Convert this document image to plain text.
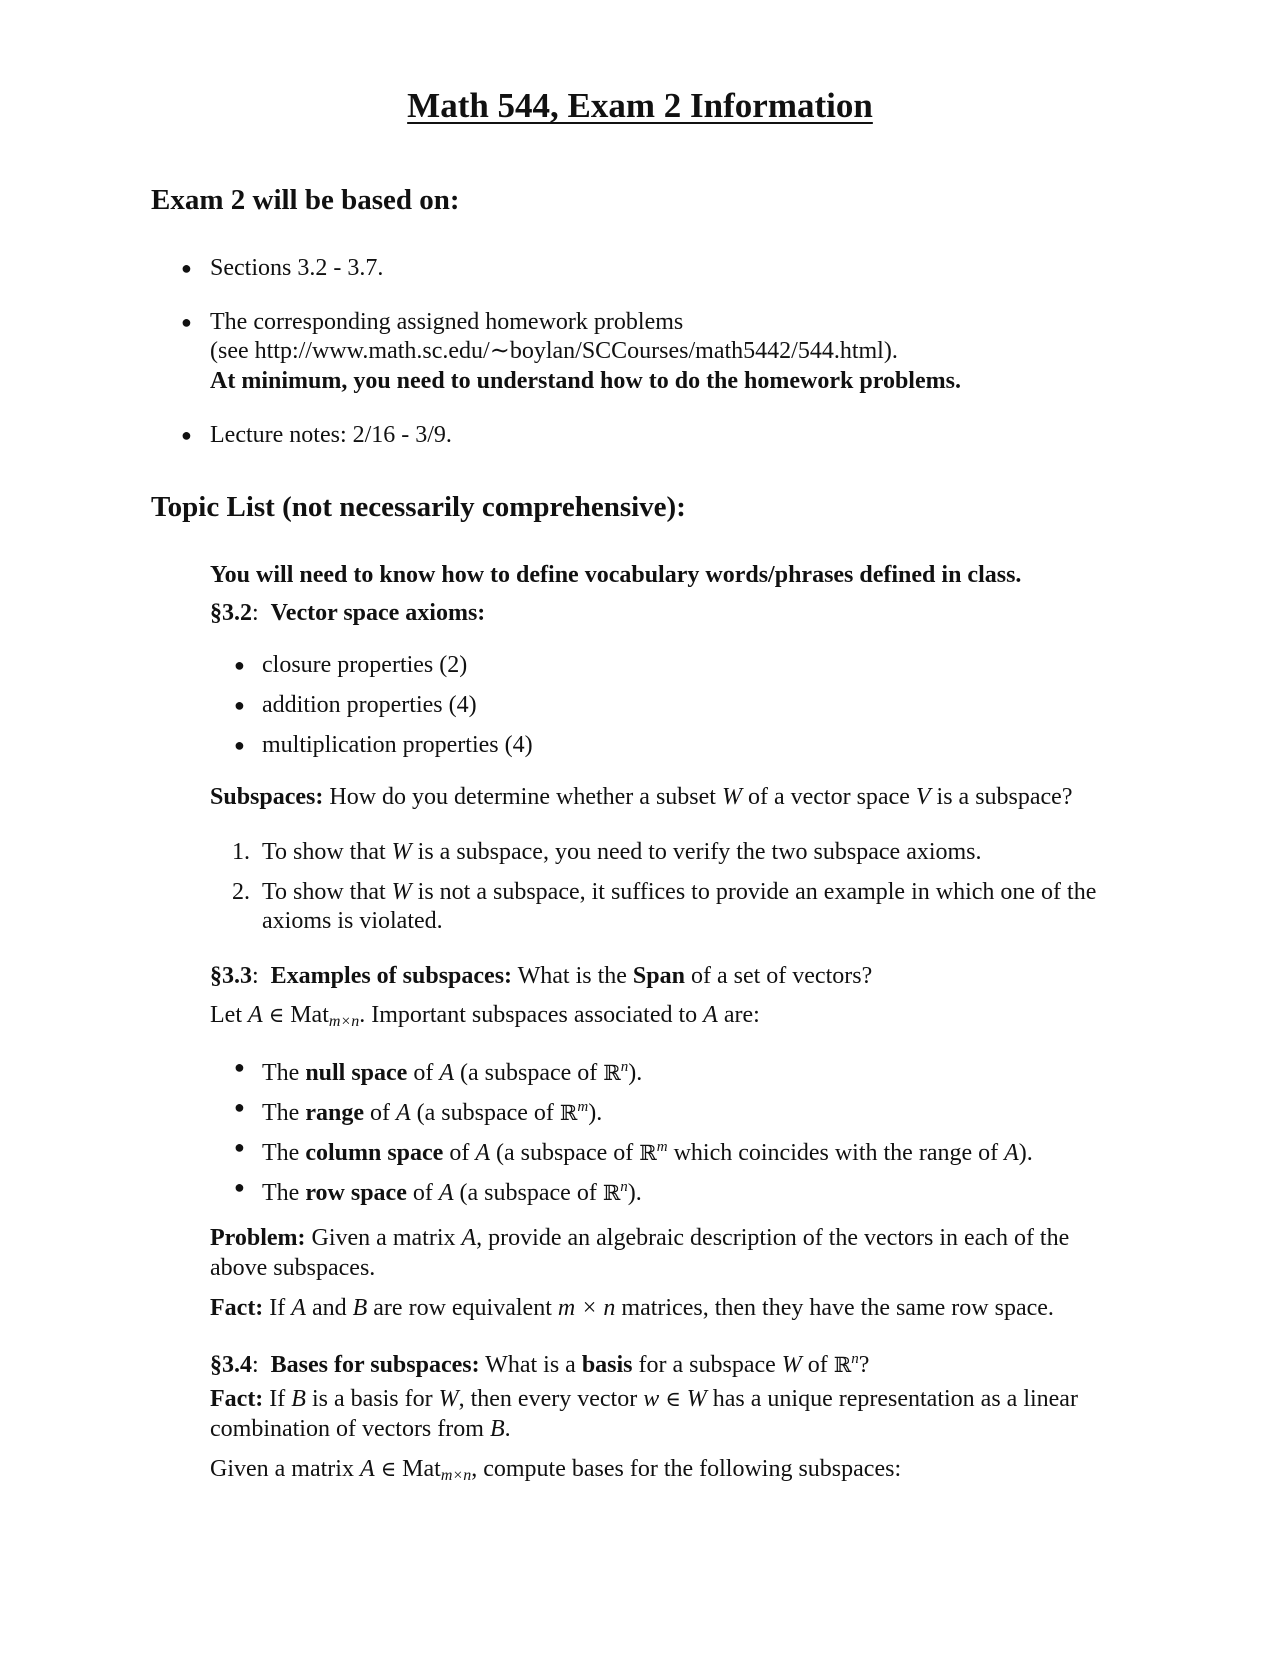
Math 544, Exam 2 Information
Exam 2 will be based on:
● Sections 3.2 - 3.7.

● The corresponding assigned homework problems

(see http://www.math.sc.edu/∼boylan/SCCourses/math5442/544.html).

At minimum, you need to understand how to do the homework problems.

● Lecture notes: 2/16 - 3/9.

Topic List (not necessarily comprehensive):

You will need to know how to define vocabulary words/phrases defined in class.

§3.2: Vector space axioms:

● closure properties (2)

● addition properties (4)

● multiplication properties (4)

Subspaces: How do you determine whether a subset W of a vector space V is a subspace?

1. To show that W is a subspace, you need to verify the two subspace axioms.

2. To show that W is not a subspace, it suffices to provide an example in which one of the

axioms is violated.

§3.3:  Examples of subspaces: What is the Span of a set of vectors?

Let A ∈ Mat$_{m\times n}$. Important subspaces associated to A are:

● The null space of A (a subspace of ℝ$^n$).

● The range of A (a subspace of ℝ$^m$).

● The column space of A (a subspace of ℝ$^m$ which coincides with the range of A).

● The row space of A (a subspace of ℝ$^n$).

Problem: Given a matrix A, provide an algebraic description of the vectors in each of the

above subspaces.

Fact: If A and B are row equivalent m × n matrices, then they have the same row space.

§3.4:  Bases for subspaces: What is a basis for a subspace W of ℝ$^n$?

Fact: If B is a basis for W, then every vector w ∈ W has a unique representation as a linear

combination of vectors from B.

Given a matrix A ∈ Mat$_{m\times n}$, compute bases for the following subspaces:
